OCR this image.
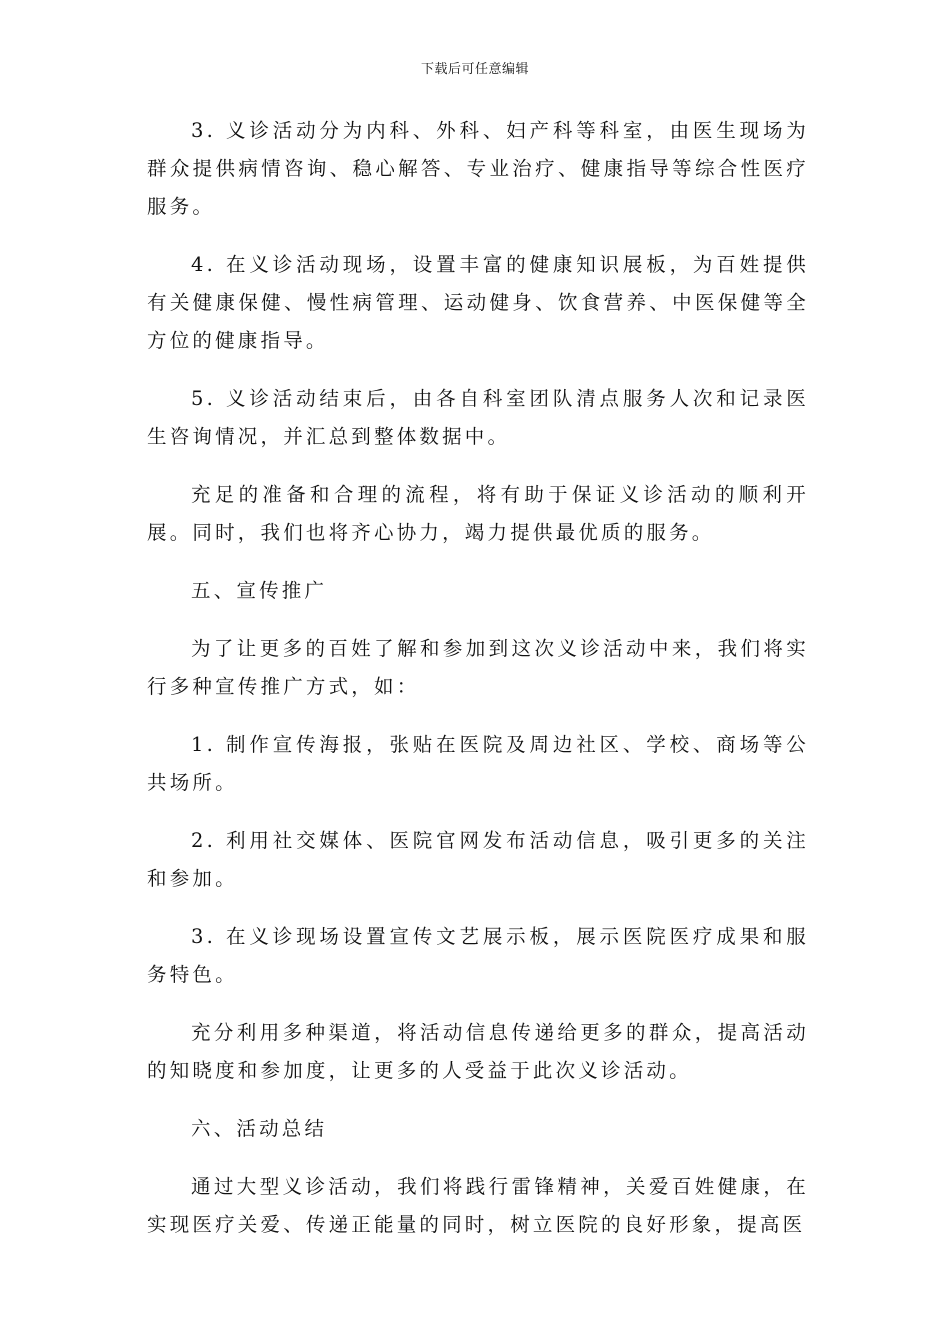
下载后可任意编辑

3. 义诊活动分为内科、外科、妇产科等科室，由医生现场为群众提供病情咨询、稳心解答、专业治疗、健康指导等综合性医疗服务。

4. 在义诊活动现场，设置丰富的健康知识展板，为百姓提供有关健康保健、慢性病管理、运动健身、饮食营养、中医保健等全方位的健康指导。

5. 义诊活动结束后，由各自科室团队清点服务人次和记录医生咨询情况，并汇总到整体数据中。

充足的准备和合理的流程，将有助于保证义诊活动的顺利开展。同时，我们也将齐心协力，竭力提供最优质的服务。

五、宣传推广

为了让更多的百姓了解和参加到这次义诊活动中来，我们将实行多种宣传推广方式，如：

1. 制作宣传海报，张贴在医院及周边社区、学校、商场等公共场所。

2. 利用社交媒体、医院官网发布活动信息，吸引更多的关注和参加。

3. 在义诊现场设置宣传文艺展示板，展示医院医疗成果和服务特色。

充分利用多种渠道，将活动信息传递给更多的群众，提高活动的知晓度和参加度，让更多的人受益于此次义诊活动。

六、活动总结

通过大型义诊活动，我们将践行雷锋精神，关爱百姓健康，在实现医疗关爱、传递正能量的同时，树立医院的良好形象，提高医
